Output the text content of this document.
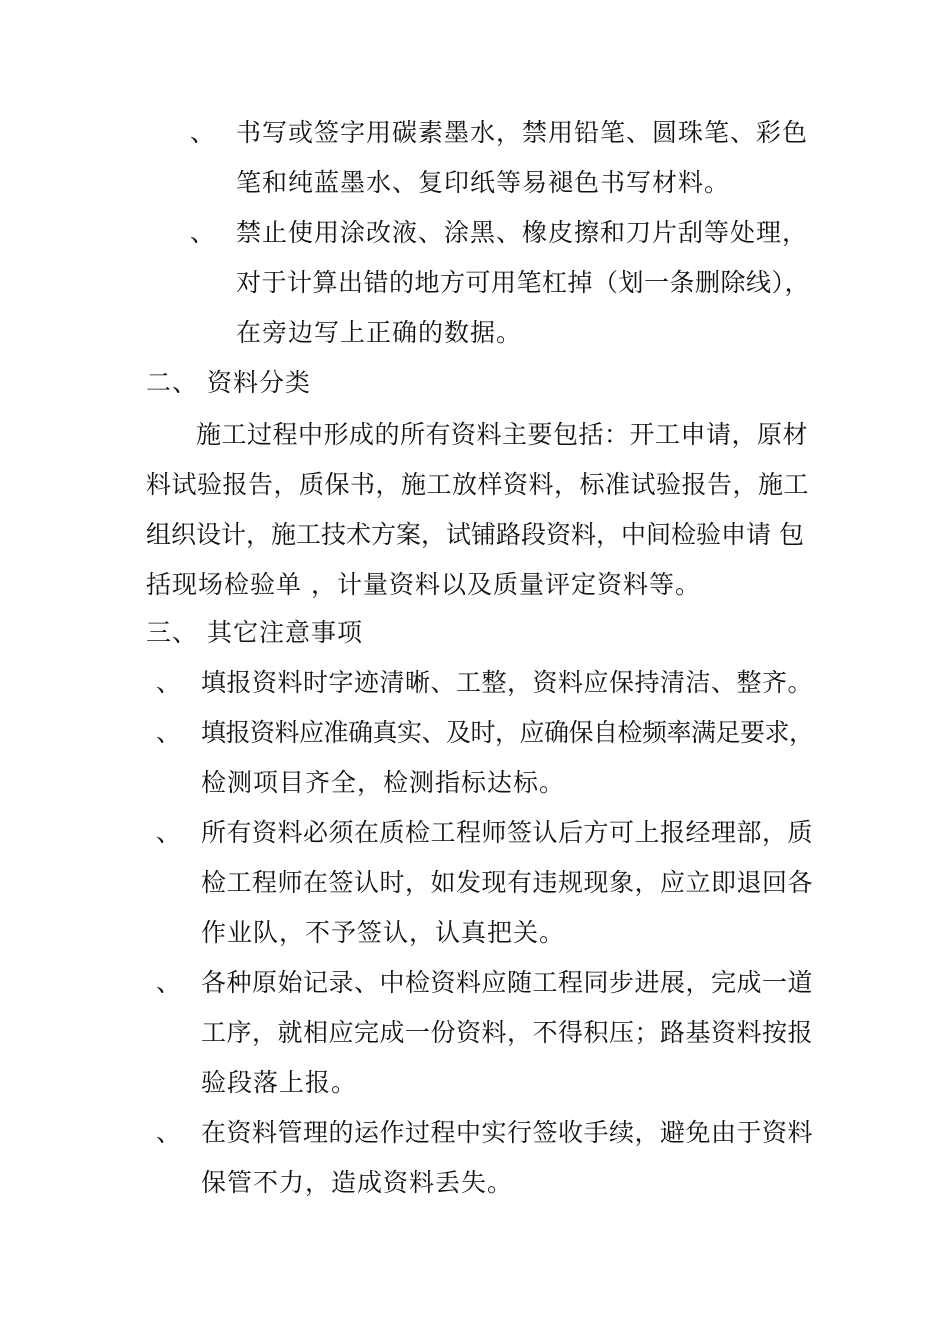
、 书写或签字用碳素墨水，禁用铅笔、圆珠笔、彩色
笔和纯蓝墨水、复印纸等易褪色书写材料。
、 禁止使用涂改液、涂黑、橡皮擦和刀片刮等处理，
对于计算出错的地方可用笔杠掉（划一条删除线），
在旁边写上正确的数据。
二、 资料分类
施工过程中形成的所有资料主要包括：开工申请，原材
料试验报告，质保书，施工放样资料，标准试验报告，施工
组织设计，施工技术方案，试铺路段资料，中间检验申请 包
括现场检验单 ，计量资料以及质量评定资料等。
三、 其它注意事项
、 填报资料时字迹清晰、工整，资料应保持清洁、整齐。
、 填报资料应准确真实、及时，应确保自检频率满足要求，
检测项目齐全，检测指标达标。
、 所有资料必须在质检工程师签认后方可上报经理部，质
检工程师在签认时，如发现有违规现象，应立即退回各
作业队，不予签认，认真把关。
、 各种原始记录、中检资料应随工程同步进展，完成一道
工序，就相应完成一份资料，不得积压；路基资料按报
验段落上报。
、 在资料管理的运作过程中实行签收手续，避免由于资料
保管不力，造成资料丢失。
